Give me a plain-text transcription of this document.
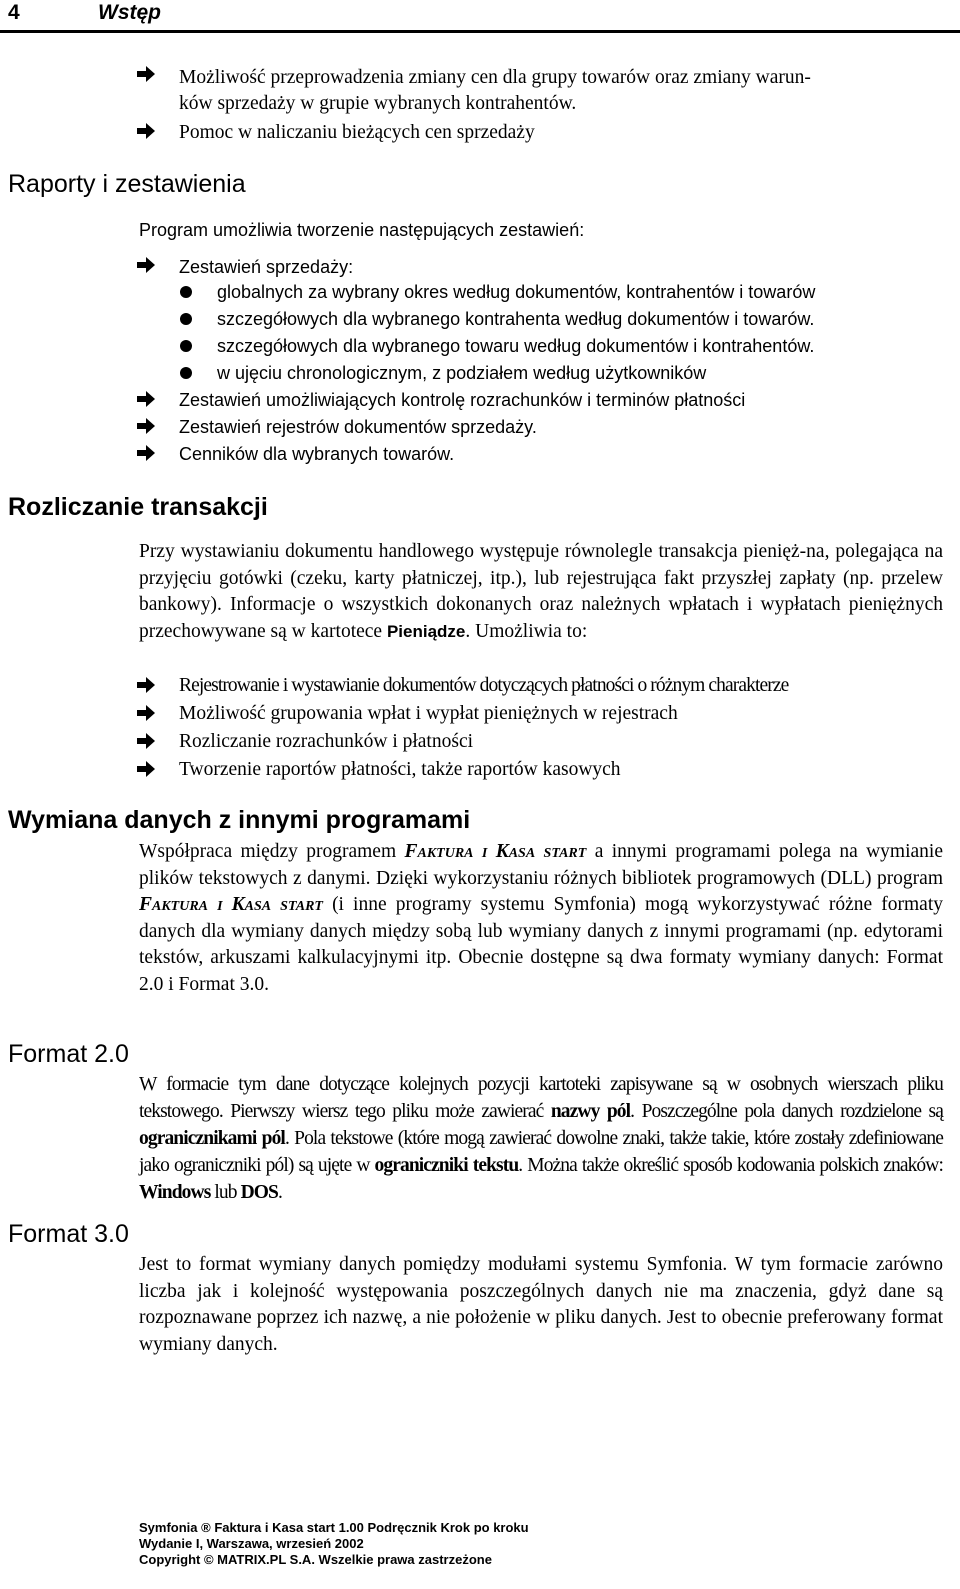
4	Wstęp
Możliwość przeprowadzenia zmiany cen dla grupy towarów oraz zmiany warun-
ków sprzedaży w grupie wybranych kontrahentów.
Pomoc w naliczaniu bieżących cen sprzedaży
Raporty i zestawienia
Program umożliwia tworzenie następujących zestawień:
Zestawień sprzedaży:
globalnych za wybrany okres według dokumentów, kontrahentów i towarów
szczegółowych dla wybranego kontrahenta według dokumentów i towarów.
szczegółowych dla wybranego towaru według dokumentów i kontrahentów.
w ujęciu chronologicznym, z podziałem według użytkowników
Zestawień umożliwiających kontrolę rozrachunków i terminów płatności
Zestawień rejestrów dokumentów sprzedaży.
Cenników dla wybranych towarów.
Rozliczanie transakcji
Przy wystawianiu dokumentu handlowego występuje równolegle transakcja pienięż-na, polegająca na przyjęciu gotówki (czeku, karty płatniczej, itp.), lub rejestrująca fakt przyszłej zapłaty (np. przelew bankowy). Informacje o wszystkich dokonanych oraz należnych wpłatach i wypłatach pieniężnych przechowywane są w kartotece Pieniądze. Umożliwia to:
Rejestrowanie i wystawianie dokumentów dotyczących płatności o różnym charakterze
Możliwość grupowania wpłat i wypłat pieniężnych w rejestrach
Rozliczanie rozrachunków i płatności
Tworzenie raportów płatności, także raportów kasowych
Wymiana danych z innymi programami
Współpraca między programem Faktura i Kasa start a innymi programami polega na wymianie plików tekstowych z danymi. Dzięki wykorzystaniu różnych bibliotek programowych (DLL) program Faktura i Kasa start (i inne programy systemu Symfonia) mogą wykorzystywać różne formaty danych dla wymiany danych między sobą lub wymiany danych z innymi programami (np. edytorami tekstów, arkuszami kalkulacyjnymi itp. Obecnie dostępne są dwa formaty wymiany danych: Format 2.0 i Format 3.0.
Format 2.0
W formacie tym dane dotyczące kolejnych pozycji kartoteki zapisywane są w osobnych wierszach pliku tekstowego. Pierwszy wiersz tego pliku może zawierać nazwy pól. Poszczególne pola danych rozdzielone są ogranicznikami pól. Pola tekstowe (które mogą zawierać dowolne znaki, także takie, które zostały zdefiniowane jako ograniczniki pól) są ujęte w ograniczniki tekstu. Można także określić sposób kodowania polskich znaków: Windows lub DOS.
Format 3.0
Jest to format wymiany danych pomiędzy modułami systemu Symfonia. W tym formacie zarówno liczba jak i kolejność występowania poszczególnych danych nie ma znaczenia, gdyż dane są rozpoznawane poprzez ich nazwę, a nie położenie w pliku danych. Jest to obecnie preferowany format wymiany danych.
Symfonia ® Faktura i Kasa start 1.00 Podręcznik Krok po kroku
Wydanie I, Warszawa, wrzesień 2002
Copyright © MATRIX.PL S.A. Wszelkie prawa zastrzeżone
